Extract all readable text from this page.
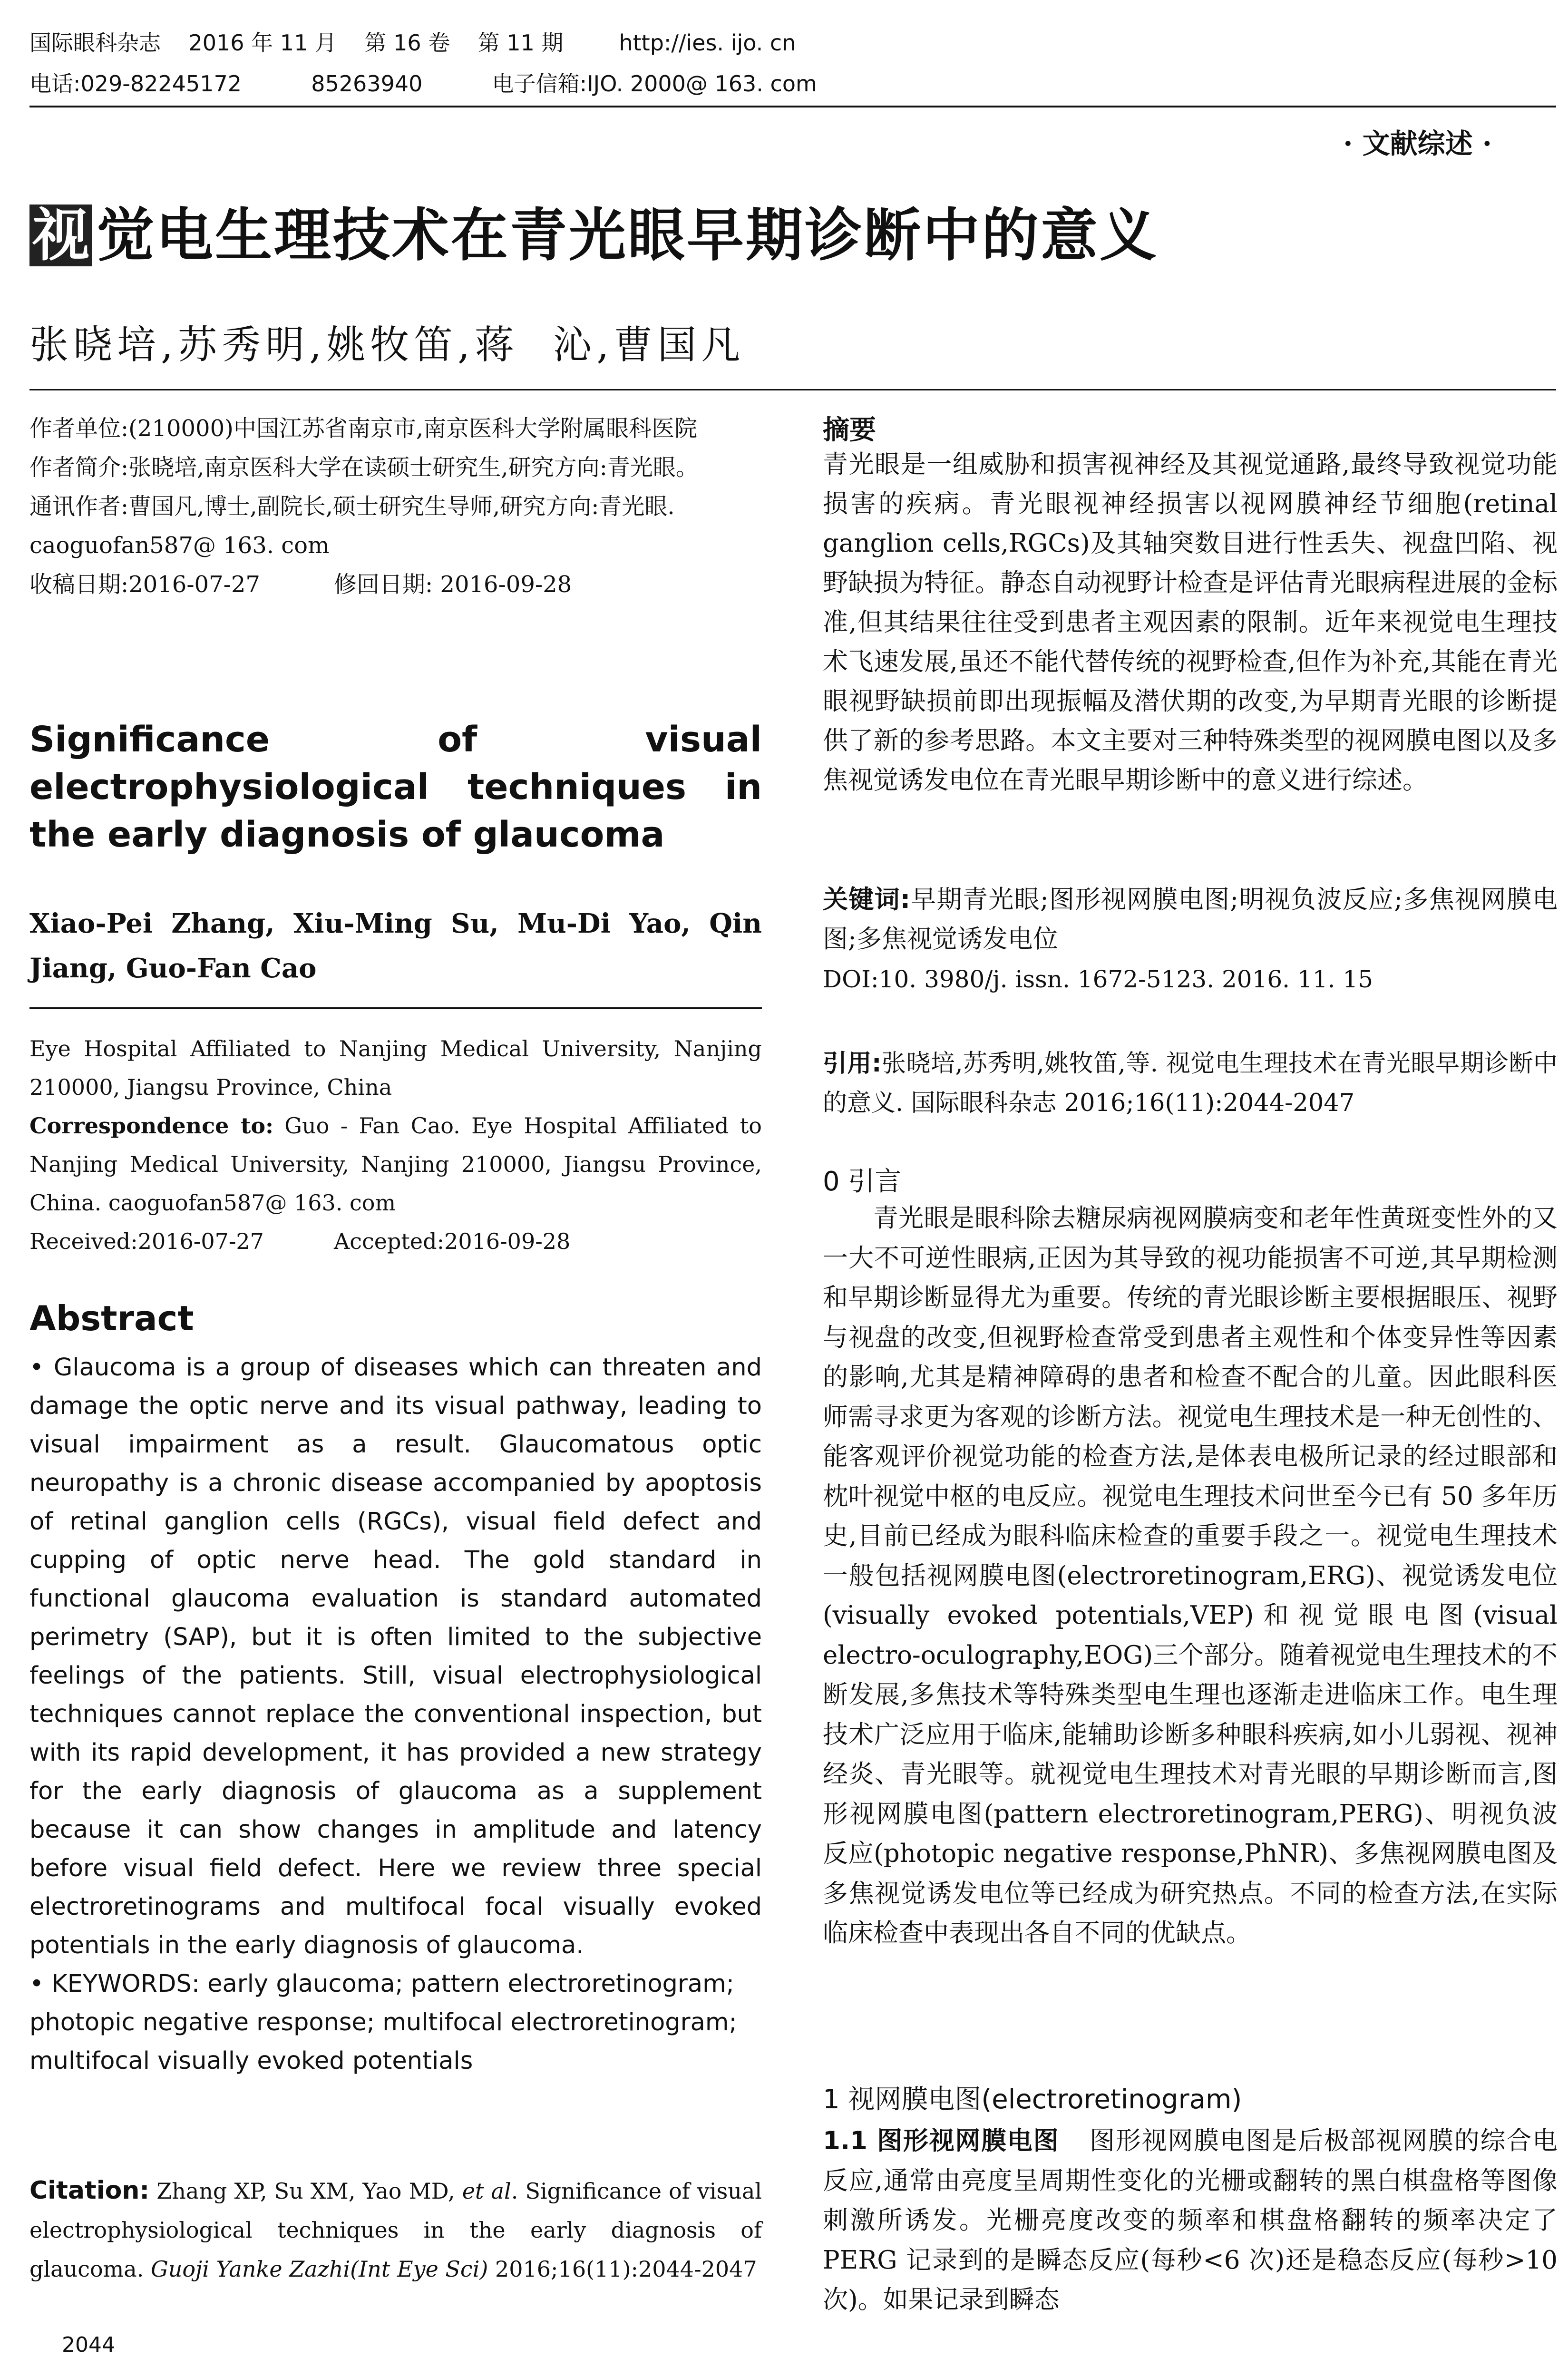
国际眼科杂志    2016 年 11 月    第 16 卷    第 11 期        http://ies. ijo. cn
电话:029-82245172          85263940          电子信箱:IJO. 2000@ 163. com
· 文献综述 ·
视 觉电生理技术在青光眼早期诊断中的意义
张晓培,苏秀明,姚牧笛,蒋  沁,曹国凡
作者单位:(210000)中国江苏省南京市,南京医科大学附属眼科医院
作者简介:张晓培,南京医科大学在读硕士研究生,研究方向:青光眼。
通讯作者:曹国凡,博士,副院长,硕士研究生导师,研究方向:青光眼. caoguofan587@ 163. com
收稿日期:2016-07-27	修回日期: 2016-09-28
Significance of visual electrophysiological techniques in the early diagnosis of glaucoma
Xiao-Pei Zhang, Xiu-Ming Su, Mu-Di Yao, Qin Jiang, Guo-Fan Cao
Eye Hospital Affiliated to Nanjing Medical University, Nanjing 210000, Jiangsu Province, China
Correspondence to: Guo - Fan Cao. Eye Hospital Affiliated to Nanjing Medical University, Nanjing 210000, Jiangsu Province, China. caoguofan587@ 163. com
Received:2016-07-27	Accepted:2016-09-28
Abstract

• Glaucoma is a group of diseases which can threaten and damage the optic nerve and its visual pathway, leading to visual impairment as a result. Glaucomatous optic neuropathy is a chronic disease accompanied by apoptosis of retinal ganglion cells (RGCs), visual field defect and cupping of optic nerve head. The gold standard in functional glaucoma evaluation is standard automated perimetry (SAP), but it is often limited to the subjective feelings of the patients. Still, visual electrophysiological techniques cannot replace the conventional inspection, but with its rapid development, it has provided a new strategy for the early diagnosis of glaucoma as a supplement because it can show changes in amplitude and latency before visual field defect. Here we review three special electroretinograms and multifocal focal visually evoked potentials in the early diagnosis of glaucoma.

• KEYWORDS: early glaucoma; pattern electroretinogram; photopic negative response; multifocal electroretinogram; multifocal visually evoked potentials

Citation: Zhang XP, Su XM, Yao MD, et al. Significance of visual electrophysiological techniques in the early diagnosis of glaucoma. Guoji Yanke Zazhi(Int Eye Sci) 2016;16(11):2044-2047
2044
摘要
青光眼是一组威胁和损害视神经及其视觉通路,最终导致视觉功能损害的疾病。青光眼视神经损害以视网膜神经节细胞(retinal ganglion cells,RGCs)及其轴突数目进行性丢失、视盘凹陷、视野缺损为特征。静态自动视野计检查是评估青光眼病程进展的金标准,但其结果往往受到患者主观因素的限制。近年来视觉电生理技术飞速发展,虽还不能代替传统的视野检查,但作为补充,其能在青光眼视野缺损前即出现振幅及潜伏期的改变,为早期青光眼的诊断提供了新的参考思路。本文主要对三种特殊类型的视网膜电图以及多焦视觉诱发电位在青光眼早期诊断中的意义进行综述。
关键词:早期青光眼;图形视网膜电图;明视负波反应;多焦视网膜电图;多焦视觉诱发电位
DOI:10. 3980/j. issn. 1672-5123. 2016. 11. 15
引用:张晓培,苏秀明,姚牧笛,等. 视觉电生理技术在青光眼早期诊断中的意义. 国际眼科杂志 2016;16(11):2044-2047
0 引言
青光眼是眼科除去糖尿病视网膜病变和老年性黄斑变性外的又一大不可逆性眼病,正因为其导致的视功能损害不可逆,其早期检测和早期诊断显得尤为重要。传统的青光眼诊断主要根据眼压、视野与视盘的改变,但视野检查常受到患者主观性和个体变异性等因素的影响,尤其是精神障碍的患者和检查不配合的儿童。因此眼科医师需寻求更为客观的诊断方法。视觉电生理技术是一种无创性的、能客观评价视觉功能的检查方法,是体表电极所记录的经过眼部和枕叶视觉中枢的电反应。视觉电生理技术问世至今已有 50 多年历史,目前已经成为眼科临床检查的重要手段之一。视觉电生理技术一般包括视网膜电图(electroretinogram,ERG)、视觉诱发电位(visually evoked potentials,VEP)和视觉眼电图(visual electro-oculography,EOG)三个部分。随着视觉电生理技术的不断发展,多焦技术等特殊类型电生理也逐渐走进临床工作。电生理技术广泛应用于临床,能辅助诊断多种眼科疾病,如小儿弱视、视神经炎、青光眼等。就视觉电生理技术对青光眼的早期诊断而言,图形视网膜电图(pattern electroretinogram,PERG)、明视负波反应(photopic negative response,PhNR)、多焦视网膜电图及多焦视觉诱发电位等已经成为研究热点。不同的检查方法,在实际临床检查中表现出各自不同的优缺点。
1 视网膜电图(electroretinogram)
1.1 图形视网膜电图 图形视网膜电图是后极部视网膜的综合电反应,通常由亮度呈周期性变化的光栅或翻转的黑白棋盘格等图像刺激所诱发。光栅亮度改变的频率和棋盘格翻转的频率决定了 PERG 记录到的是瞬态反应(每秒<6 次)还是稳态反应(每秒>10 次)。如果记录到瞬态
